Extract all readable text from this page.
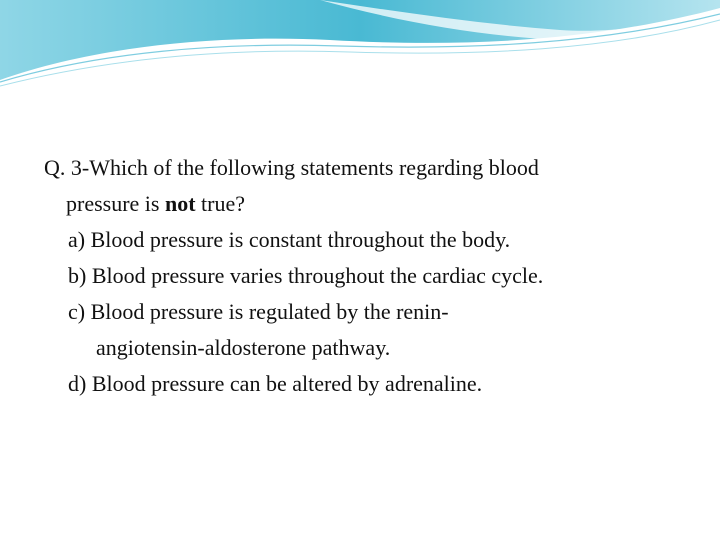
Q. 3-Which of the following statements regarding blood
pressure is not true?

a) Blood pressure is constant throughout the body.
b) Blood pressure varies throughout the cardiac cycle.
c) Blood pressure is regulated by the renin-
angiotensin-aldosterone pathway.
d) Blood pressure can be altered by adrenaline.
